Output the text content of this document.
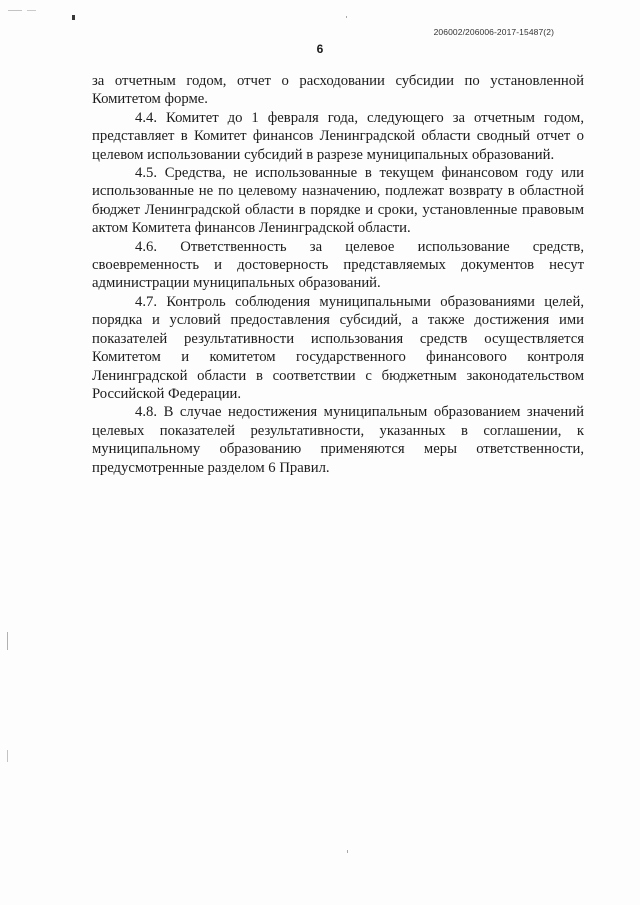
206002/206006-2017-15487(2)
6

за отчетным годом, отчет о расходовании субсидии по установленной Комитетом форме.

4.4. Комитет до 1 февраля года, следующего за отчетным годом, представляет в Комитет финансов Ленинградской области сводный отчет о целевом использовании субсидий в разрезе муниципальных образований.

4.5. Средства, не использованные в текущем финансовом году или использованные не по целевому назначению, подлежат возврату в областной бюджет Ленинградской области в порядке и сроки, установленные правовым актом Комитета финансов Ленинградской области.

4.6. Ответственность за целевое использование средств, своевременность и достоверность представляемых документов несут администрации муниципальных образований.

4.7. Контроль соблюдения муниципальными образованиями целей, порядка и условий предоставления субсидий, а также достижения ими показателей результативности использования средств осуществляется Комитетом и комитетом государственного финансового контроля Ленинградской области в соответствии с бюджетным законодательством Российской Федерации.

4.8. В случае недостижения муниципальным образованием значений целевых показателей результативности, указанных в соглашении, к муниципальному образованию применяются меры ответственности, предусмотренные разделом 6 Правил.
